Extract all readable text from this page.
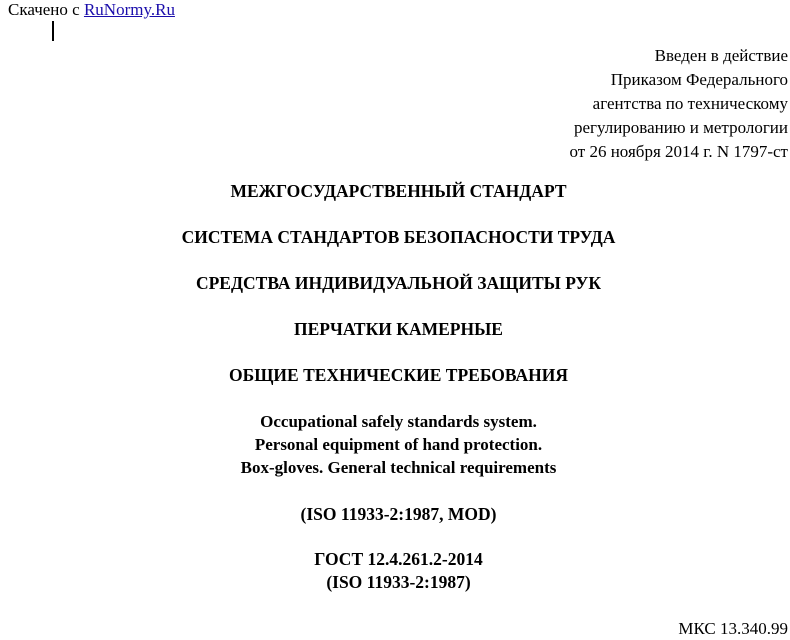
Скачено с RuNormy.Ru
Введен в действие
Приказом Федерального
агентства по техническому
регулированию и метрологии
от 26 ноября 2014 г. N 1797-ст
МЕЖГОСУДАРСТВЕННЫЙ СТАНДАРТ
СИСТЕМА СТАНДАРТОВ БЕЗОПАСНОСТИ ТРУДА
СРЕДСТВА ИНДИВИДУАЛЬНОЙ ЗАЩИТЫ РУК
ПЕРЧАТКИ КАМЕРНЫЕ
ОБЩИЕ ТЕХНИЧЕСКИЕ ТРЕБОВАНИЯ
Occupational safely standards system.
Personal equipment of hand protection.
Box-gloves. General technical requirements
(ISO 11933-2:1987, MOD)
ГОСТ 12.4.261.2-2014
(ISO 11933-2:1987)
МКС 13.340.99
